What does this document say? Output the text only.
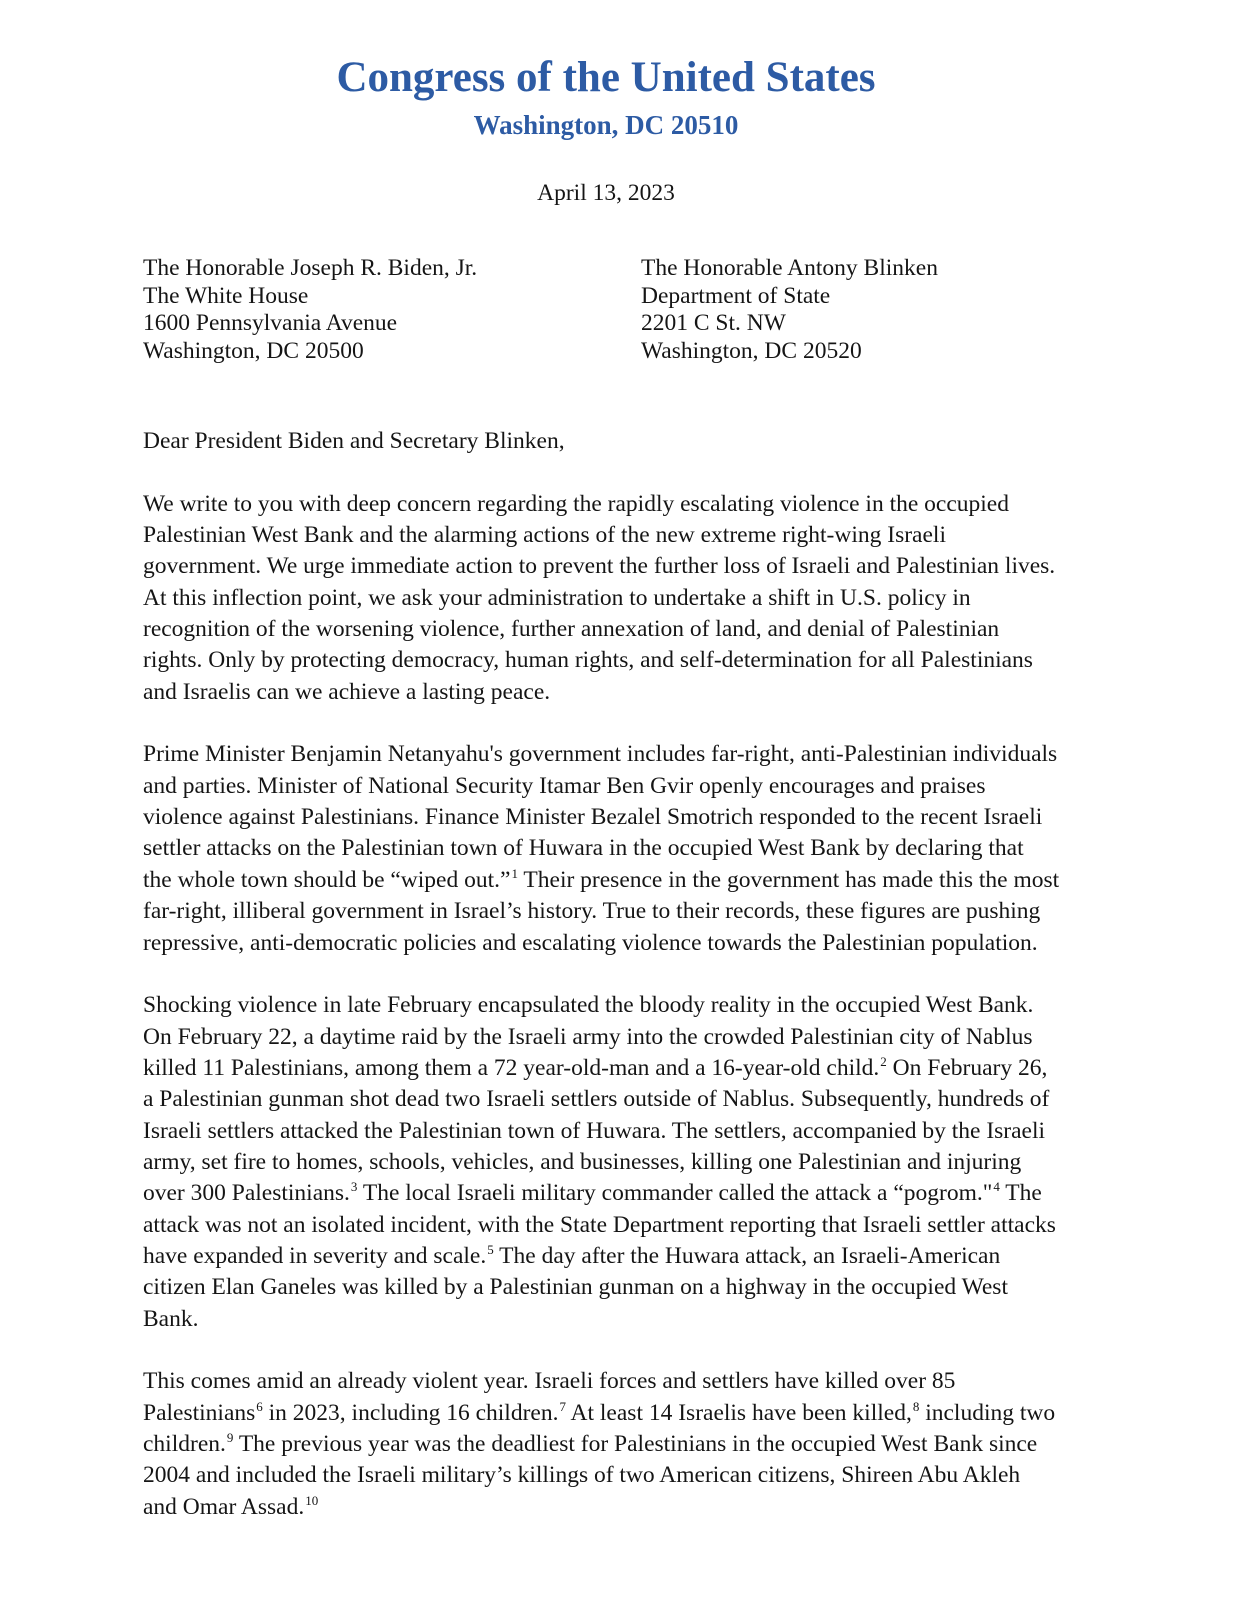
Congress of the United States
Washington, DC 20510
April 13, 2023
The Honorable Joseph R. Biden, Jr.
The White House
1600 Pennsylvania Avenue
Washington, DC 20500
The Honorable Antony Blinken
Department of State
2201 C St. NW
Washington, DC 20520
Dear President Biden and Secretary Blinken,
We write to you with deep concern regarding the rapidly escalating violence in the occupied
Palestinian West Bank and the alarming actions of the new extreme right-wing Israeli
government. We urge immediate action to prevent the further loss of Israeli and Palestinian lives.
At this inflection point, we ask your administration to undertake a shift in U.S. policy in
recognition of the worsening violence, further annexation of land, and denial of Palestinian
rights. Only by protecting democracy, human rights, and self-determination for all Palestinians
and Israelis can we achieve a lasting peace.
Prime Minister Benjamin Netanyahu's government includes far-right, anti-Palestinian individuals
and parties. Minister of National Security Itamar Ben Gvir openly encourages and praises
violence against Palestinians. Finance Minister Bezalel Smotrich responded to the recent Israeli
settler attacks on the Palestinian town of Huwara in the occupied West Bank by declaring that
the whole town should be “wiped out.”$^1$ Their presence in the government has made this the most
far-right, illiberal government in Israel’s history. True to their records, these figures are pushing
repressive, anti-democratic policies and escalating violence towards the Palestinian population.
Shocking violence in late February encapsulated the bloody reality in the occupied West Bank.
On February 22, a daytime raid by the Israeli army into the crowded Palestinian city of Nablus
killed 11 Palestinians, among them a 72 year-old-man and a 16-year-old child.$^2$ On February 26,
a Palestinian gunman shot dead two Israeli settlers outside of Nablus. Subsequently, hundreds of
Israeli settlers attacked the Palestinian town of Huwara. The settlers, accompanied by the Israeli
army, set fire to homes, schools, vehicles, and businesses, killing one Palestinian and injuring
over 300 Palestinians.$^3$ The local Israeli military commander called the attack a “pogrom."$^4$ The
attack was not an isolated incident, with the State Department reporting that Israeli settler attacks
have expanded in severity and scale.$^5$ The day after the Huwara attack, an Israeli-American
citizen Elan Ganeles was killed by a Palestinian gunman on a highway in the occupied West
Bank.
This comes amid an already violent year. Israeli forces and settlers have killed over 85
Palestinians$^6$ in 2023, including 16 children.$^7$ At least 14 Israelis have been killed,$^8$ including two
children.$^9$ The previous year was the deadliest for Palestinians in the occupied West Bank since
2004 and included the Israeli military’s killings of two American citizens, Shireen Abu Akleh
and Omar Assad.$^{10}$
